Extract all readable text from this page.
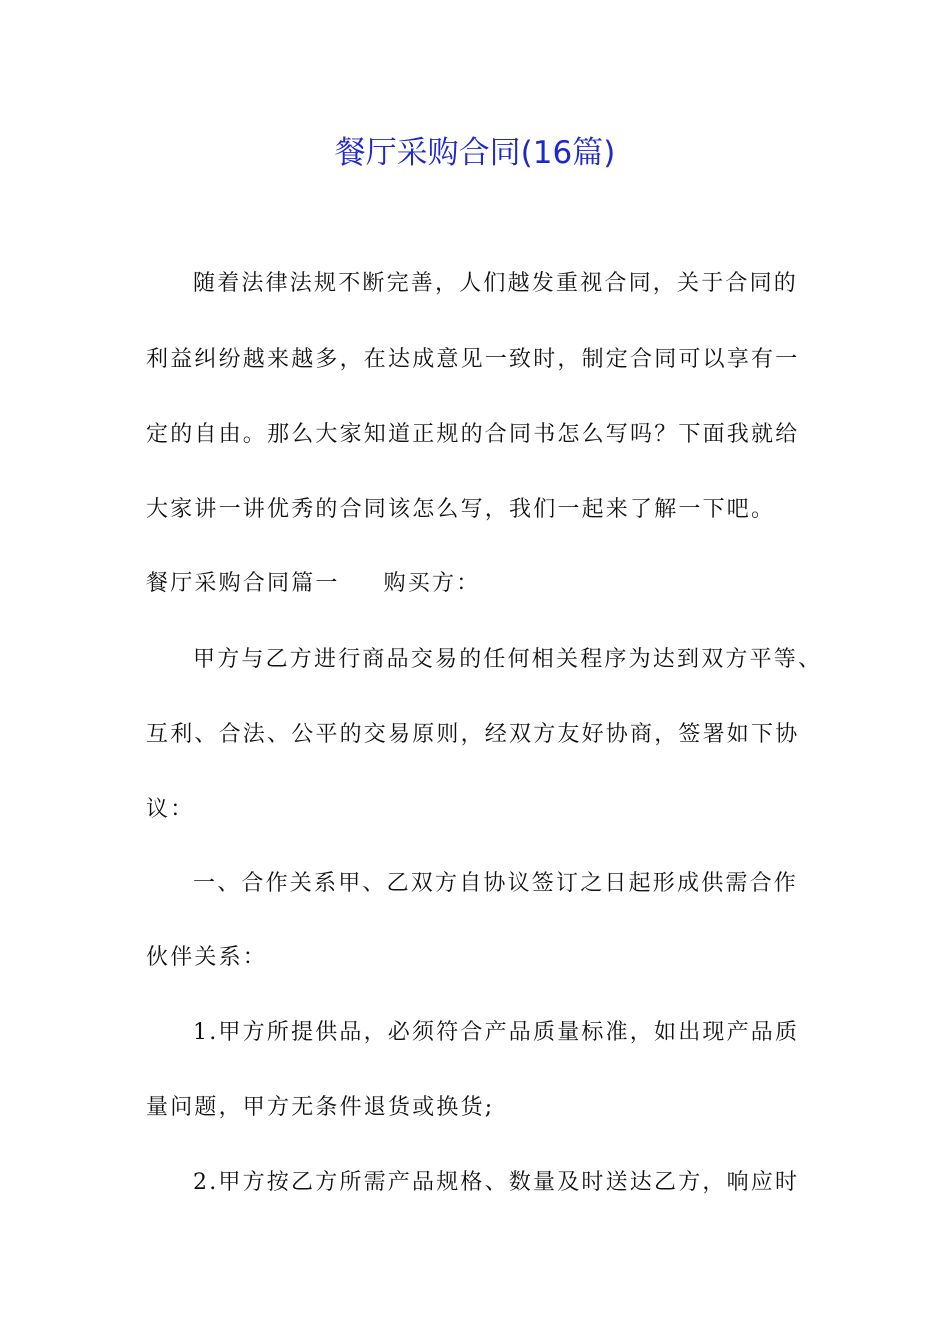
餐厅采购合同(16篇)
随着法律法规不断完善，人们越发重视合同，关于合同的
利益纠纷越来越多，在达成意见一致时，制定合同可以享有一
定的自由。那么大家知道正规的合同书怎么写吗？下面我就给
大家讲一讲优秀的合同该怎么写，我们一起来了解一下吧。
餐厅采购合同篇一 购买方：
甲方与乙方进行商品交易的任何相关程序为达到双方平等、
互利、合法、公平的交易原则，经双方友好协商，签署如下协
议：
一、合作关系甲、乙双方自协议签订之日起形成供需合作
伙伴关系：
1.甲方所提供品，必须符合产品质量标准，如出现产品质
量问题，甲方无条件退货或换货;
2.甲方按乙方所需产品规格、数量及时送达乙方，响应时
